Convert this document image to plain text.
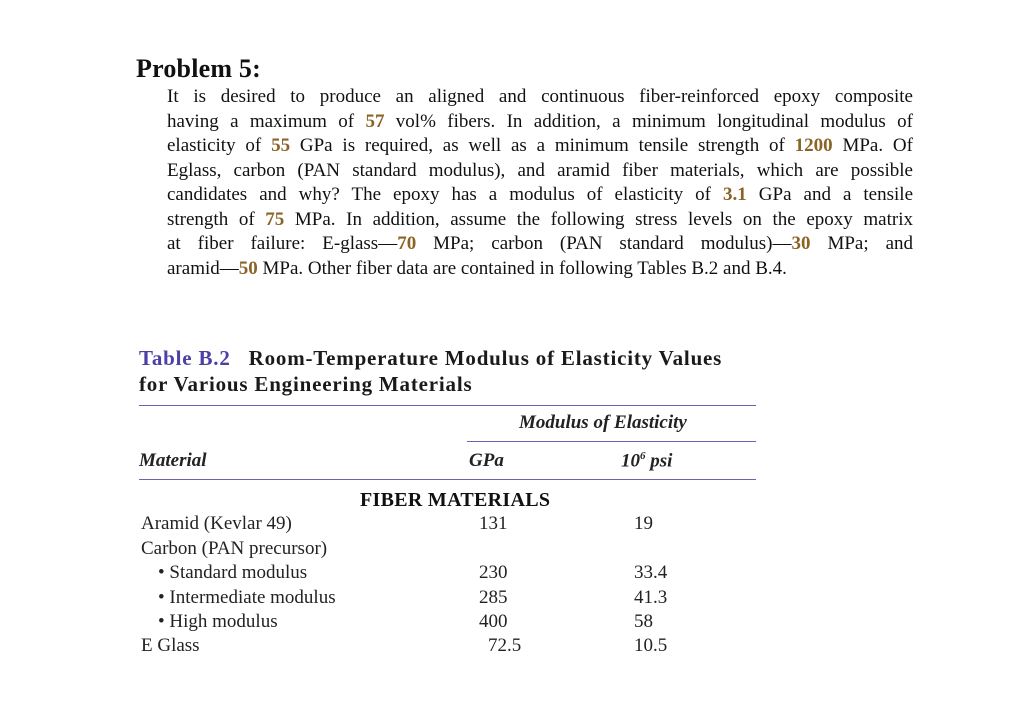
Problem 5:
It is desired to produce an aligned and continuous fiber-reinforced epoxy composite
having a maximum of 57 vol% fibers. In addition, a minimum longitudinal modulus of
elasticity of 55 GPa is required, as well as a minimum tensile strength of 1200 MPa. Of
Eglass, carbon (PAN standard modulus), and aramid fiber materials, which are possible
candidates and why? The epoxy has a modulus of elasticity of 3.1 GPa and a tensile
strength of 75 MPa. In addition, assume the following stress levels on the epoxy matrix
at fiber failure: E-glass—70 MPa; carbon (PAN standard modulus)—30 MPa; and
aramid—50 MPa. Other fiber data are contained in following Tables B.2 and B.4.
Table B.2 Room-Temperature Modulus of Elasticity Values
for Various Engineering Materials
Modulus of Elasticity
Material	GPa	$10^6$ psi
FIBER MATERIALS
Aramid (Kevlar 49)	131	19
Carbon (PAN precursor)
• Standard modulus	230	33.4
• Intermediate modulus	285	41.3
• High modulus	400	58
E Glass	72.5	10.5
